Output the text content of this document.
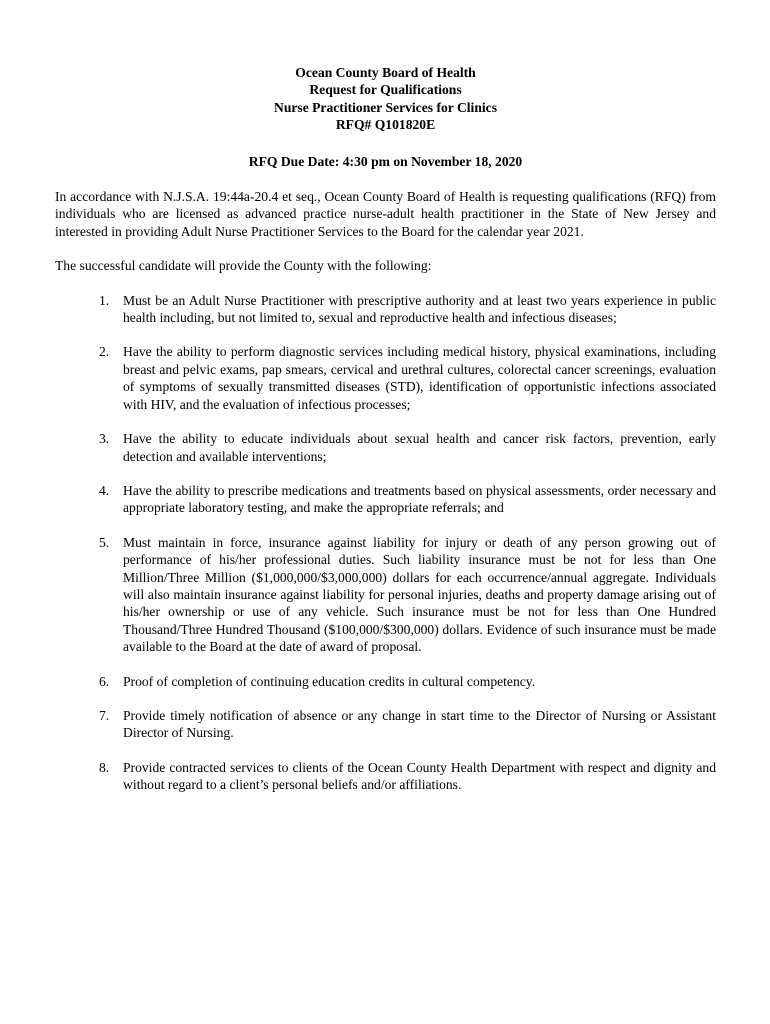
Ocean County Board of Health
Request for Qualifications
Nurse Practitioner Services for Clinics
RFQ# Q101820E
RFQ Due Date: 4:30 pm on November 18, 2020

In accordance with N.J.S.A. 19:44a-20.4 et seq., Ocean County Board of Health is requesting qualifications (RFQ) from individuals who are licensed as advanced practice nurse-adult health practitioner in the State of New Jersey and interested in providing Adult Nurse Practitioner Services to the Board for the calendar year 2021.

The successful candidate will provide the County with the following:

1. Must be an Adult Nurse Practitioner with prescriptive authority and at least two years experience in public health including, but not limited to, sexual and reproductive health and infectious diseases;
2. Have the ability to perform diagnostic services including medical history, physical examinations, including breast and pelvic exams, pap smears, cervical and urethral cultures, colorectal cancer screenings, evaluation of symptoms of sexually transmitted diseases (STD), identification of opportunistic infections associated with HIV, and the evaluation of infectious processes;
3. Have the ability to educate individuals about sexual health and cancer risk factors, prevention, early detection and available interventions;
4. Have the ability to prescribe medications and treatments based on physical assessments, order necessary and appropriate laboratory testing, and make the appropriate referrals; and
5. Must maintain in force, insurance against liability for injury or death of any person growing out of performance of his/her professional duties. Such liability insurance must be not for less than One Million/Three Million ($1,000,000/$3,000,000) dollars for each occurrence/annual aggregate. Individuals will also maintain insurance against liability for personal injuries, deaths and property damage arising out of his/her ownership or use of any vehicle. Such insurance must be not for less than One Hundred Thousand/Three Hundred Thousand ($100,000/$300,000) dollars. Evidence of such insurance must be made available to the Board at the date of award of proposal.
6. Proof of completion of continuing education credits in cultural competency.
7. Provide timely notification of absence or any change in start time to the Director of Nursing or Assistant Director of Nursing.
8. Provide contracted services to clients of the Ocean County Health Department with respect and dignity and without regard to a client’s personal beliefs and/or affiliations.
